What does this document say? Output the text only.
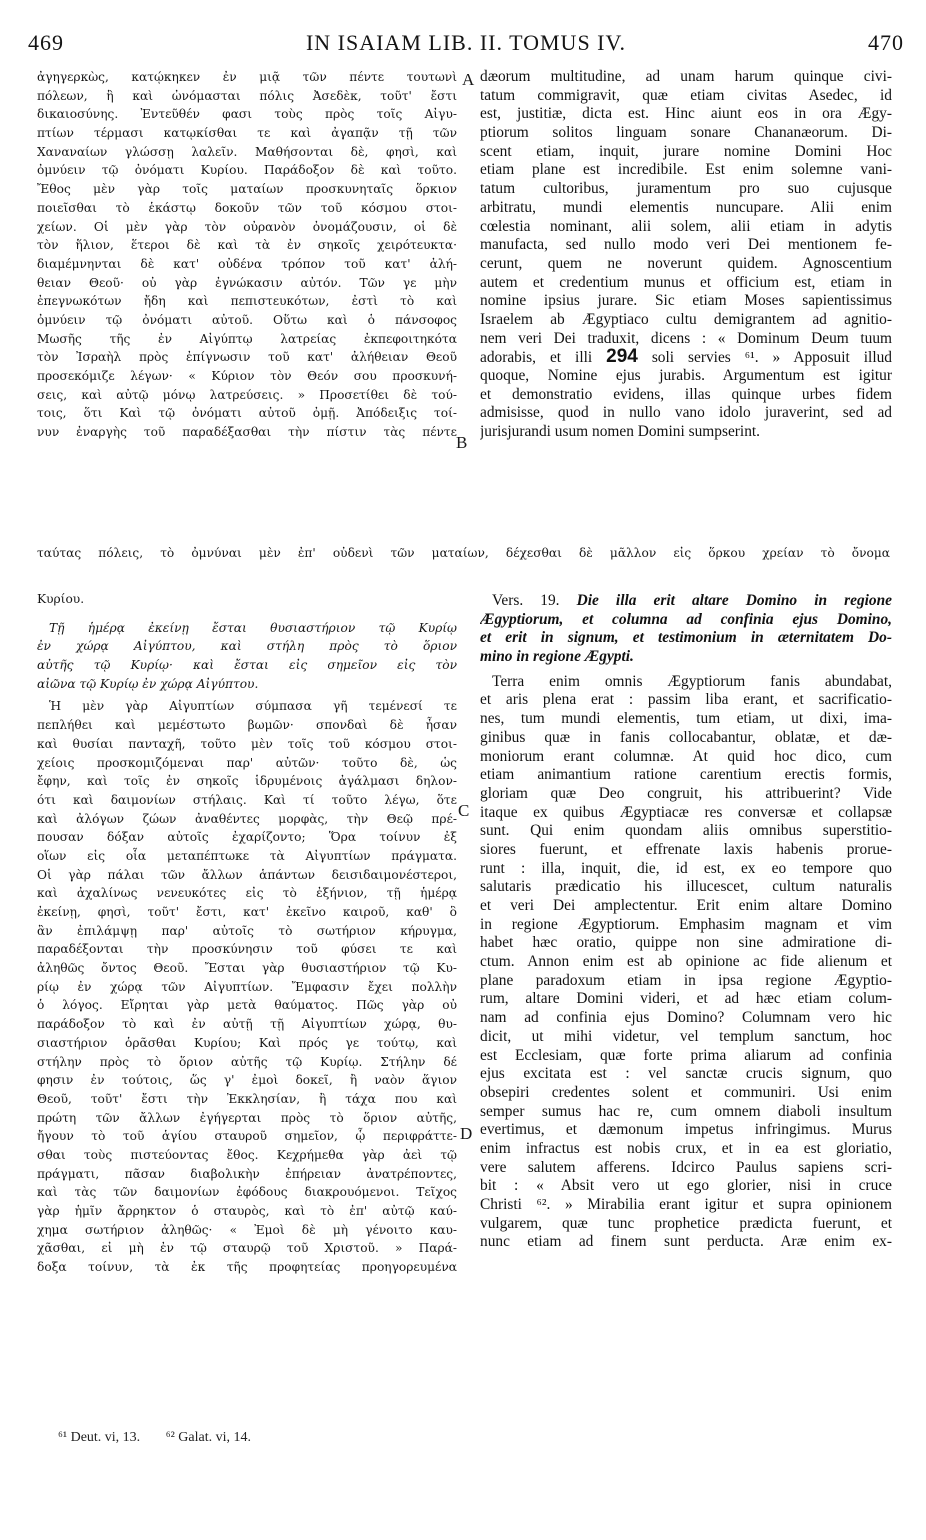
469	IN ISAIAM LIB. II. TOMUS IV.	470
A
B
C
D
ἀγηγερκὼς, κατῴκηκεν ἐν μιᾷ τῶν πέντε τουτωνὶ
πόλεων, ἣ καὶ ὠνόμασται πόλις Ἀσεδὲκ, τοῦτ' ἔστι
δικαιοσύνης. Ἐντεῦθέν φασι τοὺς πρὸς τοῖς Αἰγυ-
πτίων τέρμασι κατῳκίσθαι τε καὶ ἀγαπᾷν τῇ τῶν
Χαναναίων γλώσσῃ λαλεῖν. Μαθήσονται δὲ, φησὶ, καὶ
ὀμνύειν τῷ ὀνόματι Κυρίου. Παράδοξον δὲ καὶ τοῦτο.
Ἔθος μὲν γὰρ τοῖς ματαίων προσκυνηταῖς ὅρκιον
ποιεῖσθαι τὸ ἑκάστῳ δοκοῦν τῶν τοῦ κόσμου στοι-
χείων. Οἱ μὲν γὰρ τὸν οὐρανὸν ὀνομάζουσιν, οἱ δὲ
τὸν ἥλιον, ἕτεροι δὲ καὶ τὰ ἐν σηκοῖς χειρότευκτα·
διαμέμνηνται δὲ κατ' οὐδένα τρόπον τοῦ κατ' ἀλή-
θειαν Θεοῦ· οὐ γὰρ ἐγνώκασιν αὐτόν. Τῶν γε μὴν
ἐπεγνωκότων ἤδη καὶ πεπιστευκότων, ἐστὶ τὸ καὶ
ὀμνύειν τῷ ὀνόματι αὐτοῦ. Οὕτω καὶ ὁ πάνσοφος
Μωσῆς τῆς ἐν Αἰγύπτῳ λατρείας ἐκπεφοιτηκότα
τὸν Ἰσραὴλ πρὸς ἐπίγνωσιν τοῦ κατ' ἀλήθειαν Θεοῦ
προσεκόμιζε λέγων· « Κύριον τὸν Θεόν σου προσκυνή-
σεις, καὶ αὐτῷ μόνῳ λατρεύσεις. » Προσετίθει δὲ τού-
τοις, ὅτι Καὶ τῷ ὀνόματι αὐτοῦ ὀμῇ. Ἀπόδειξις τοί-
νυν ἐναργὴς τοῦ παραδέξασθαι τὴν πίστιν τὰς πέντε
dæorum multitudine, ad unam harum quinque civi-
tatum commigravit, quæ etiam civitas Asedec, id
est, justitiæ, dicta est. Hinc aiunt eos in ora Ægy-
ptiorum solitos linguam sonare Chananæorum. Di-
scent etiam, inquit, jurare nomine Domini Hoc
etiam plane est incredibile. Est enim solemne vani-
tatum cultoribus, juramentum pro suo cujusque
arbitratu, mundi elementis nuncupare. Alii enim
cœlestia nominant, alii solem, alii etiam in adytis
manufacta, sed nullo modo veri Dei mentionem fe-
cerunt, quem ne noverunt quidem. Agnoscentium
autem et credentium munus et officium est, etiam in
nomine ipsius jurare. Sic etiam Moses sapientissimus
Israelem ab Ægyptiaco cultu demigrantem ad agnitio-
nem veri Dei traduxit, dicens : « Dominum Deum tuum
adorabis, et illi 294 soli servies ⁶¹. » Apposuit illud
quoque, Nomine ejus jurabis. Argumentum est igitur
et demonstratio evidens, illas quinque urbes fidem
admisisse, quod in nullo vano idolo juraverint, sed ad
jurisjurandi usum nomen Domini sumpserint.
ταύτας πόλεις, τὸ ὀμνύναι μὲν ἐπ' οὐδενὶ τῶν ματαίων, δέχεσθαι δὲ μᾶλλον εἰς ὅρκου χρείαν τὸ ὄνομα
Κυρίου.
Τῇ ἡμέρᾳ ἐκείνῃ ἔσται θυσιαστήριον τῷ Κυρίῳ
ἐν χώρᾳ Αἰγύπτου, καὶ στήλη πρὸς τὸ ὅριον
αὐτῆς τῷ Κυρίῳ· καὶ ἔσται εἰς σημεῖον εἰς τὸν
αἰῶνα τῷ Κυρίῳ ἐν χώρᾳ Αἰγύπτου.
Ἡ μὲν γὰρ Αἰγυπτίων σύμπασα γῆ τεμένεσί τε
πεπλήθει καὶ μεμέστωτο βωμῶν· σπονδαὶ δὲ ἦσαν
καὶ θυσίαι πανταχῆ, τοῦτο μὲν τοῖς τοῦ κόσμου στοι-
χείοις προσκομιζόμεναι παρ' αὐτῶν· τοῦτο δὲ, ὡς
ἔφην, καὶ τοῖς ἐν σηκοῖς ἱδρυμένοις ἀγάλμασι δηλον-
ότι καὶ δαιμονίων στήλαις. Καὶ τί τοῦτο λέγω, ὅτε
καὶ ἀλόγων ζώων ἀναθέντες μορφὰς, τὴν Θεῷ πρέ-
πουσαν δόξαν αὐτοῖς ἐχαρίζοντο; Ὅρα τοίνυν ἐξ
οἵων εἰς οἷα μεταπέπτωκε τὰ Αἰγυπτίων πράγματα.
Οἱ γὰρ πάλαι τῶν ἄλλων ἁπάντων δεισιδαιμονέστεροι,
καὶ ἀχαλίνως νενευκότες εἰς τὸ ἐξήνιον, τῇ ἡμέρᾳ
ἐκείνῃ, φησὶ, τοῦτ' ἔστι, κατ' ἐκεῖνο καιροῦ, καθ' ὃ
ἂν ἐπιλάμψῃ παρ' αὐτοῖς τὸ σωτήριον κήρυγμα,
παραδέξονται τὴν προσκύνησιν τοῦ φύσει τε καὶ
ἀληθῶς ὄντος Θεοῦ. Ἔσται γὰρ θυσιαστήριον τῷ Κυ-
ρίῳ ἐν χώρᾳ τῶν Αἰγυπτίων. Ἔμφασιν ἔχει πολλὴν
ὁ λόγος. Εἴρηται γὰρ μετὰ θαύματος. Πῶς γὰρ οὐ
παράδοξον τὸ καὶ ἐν αὐτῇ τῇ Αἰγυπτίων χώρᾳ, θυ-
σιαστήριον ὁρᾶσθαι Κυρίου; Καὶ πρός γε τούτῳ, καὶ
στήλην πρὸς τὸ ὅριον αὐτῆς τῷ Κυρίῳ. Στήλην δέ
φησιν ἐν τούτοις, ὥς γ' ἐμοὶ δοκεῖ, ἢ ναὸν ἅγιον
Θεοῦ, τοῦτ' ἔστι τὴν Ἐκκλησίαν, ἢ τάχα που καὶ
πρώτη τῶν ἄλλων ἐγήγερται πρὸς τὸ ὅριον αὐτῆς,
ἤγουν τὸ τοῦ ἁγίου σταυροῦ σημεῖον, ᾧ περιφράττε-
σθαι τοὺς πιστεύοντας ἔθος. Κεχρήμεθα γὰρ ἀεὶ τῷ
πράγματι, πᾶσαν διαβολικὴν ἐπήρειαν ἀνατρέποντες,
καὶ τὰς τῶν δαιμονίων ἐφόδους διακρουόμενοι. Τεῖχος
γὰρ ἡμῖν ἄρρηκτον ὁ σταυρὸς, καὶ τὸ ἐπ' αὐτῷ καύ-
χημα σωτήριον ἀληθῶς· « Ἐμοὶ δὲ μὴ γένοιτο καυ-
χᾶσθαι, εἰ μὴ ἐν τῷ σταυρῷ τοῦ Χριστοῦ. » Παρά-
δοξα τοίνυν, τὰ ἐκ τῆς προφητείας προηγορευμένα
Vers. 19. Die illa erit altare Domino in regione
Ægyptiorum, et columna ad confinia ejus Domino,
et erit in signum, et testimonium in æternitatem Do-
mino in regione Ægypti.
Terra enim omnis Ægyptiorum fanis abundabat,
et aris plena erat : passim liba erant, et sacrificatio-
nes, tum mundi elementis, tum etiam, ut dixi, ima-
ginibus quæ in fanis collocabantur, oblatæ, et dæ-
moniorum erant columnæ. At quid hoc dico, cum
etiam animantium ratione carentium erectis formis,
gloriam quæ Deo congruit, his attribuerint? Vide
itaque ex quibus Ægyptiacæ res conversæ et collapsæ
sunt. Qui enim quondam aliis omnibus superstitio-
siores fuerunt, et effrenate laxis habenis prorue-
runt : illa, inquit, die, id est, ex eo tempore quo
salutaris prædicatio his illucescet, cultum naturalis
et veri Dei amplectentur. Erit enim altare Domino
in regione Ægyptiorum. Emphasim magnam et vim
habet hæc oratio, quippe non sine admiratione di-
ctum. Annon enim est ab opinione ac fide alienum et
plane paradoxum etiam in ipsa regione Ægyptio-
rum, altare Domini videri, et ad hæc etiam colum-
nam ad confinia ejus Domino? Columnam vero hic
dicit, ut mihi videtur, vel templum sanctum, hoc
est Ecclesiam, quæ forte prima aliarum ad confinia
ejus excitata est : vel sanctæ crucis signum, quo
obsepiri credentes solent et communiri. Usi enim
semper sumus hac re, cum omnem diaboli insultum
evertimus, et dæmonum impetus infringimus. Murus
enim infractus est nobis crux, et in ea est gloriatio,
vere salutem afferens. Idcirco Paulus sapiens scri-
bit : « Absit vero ut ego glorier, nisi in cruce
Christi ⁶². » Mirabilia erant igitur et supra opinionem
vulgarem, quæ tunc prophetice prædicta fuerunt, et
nunc etiam ad finem sunt perducta. Aræ enim ex-
⁶¹ Deut. vi, 13. ⁶² Galat. vi, 14.
